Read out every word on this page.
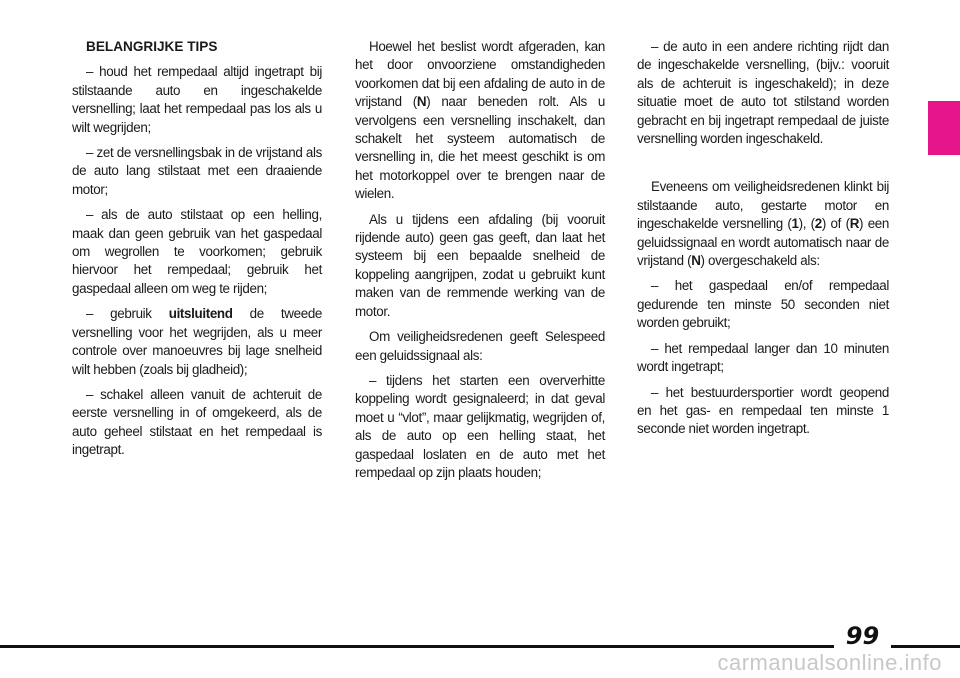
BELANGRIJKE TIPS

– houd het rempedaal altijd ingetrapt bij stilstaande auto en ingeschakelde versnelling; laat het rempedaal pas los als u wilt wegrijden;

– zet de versnellingsbak in de vrijstand als de auto lang stilstaat met een draaiende motor;

– als de auto stilstaat op een helling, maak dan geen gebruik van het gaspedaal om wegrollen te voorkomen; gebruik hiervoor het rempedaal; gebruik het gaspedaal alleen om weg te rijden;

– gebruik uitsluitend de tweede versnelling voor het wegrijden, als u meer controle over manoeuvres bij lage snelheid wilt hebben (zoals bij gladheid);

– schakel alleen vanuit de achteruit de eerste versnelling in of omgekeerd, als de auto geheel stilstaat en het rempedaal is ingetrapt.

Hoewel het beslist wordt afgeraden, kan het door onvoorziene omstandigheden voorkomen dat bij een afdaling de auto in de vrijstand (N) naar beneden rolt. Als u vervolgens een versnelling inschakelt, dan schakelt het systeem automatisch de versnelling in, die het meest geschikt is om het motorkoppel over te brengen naar de wielen.

Als u tijdens een afdaling (bij vooruit rijdende auto) geen gas geeft, dan laat het systeem bij een bepaalde snelheid de koppeling aangrijpen, zodat u gebruikt kunt maken van de remmende werking van de motor.

Om veiligheidsredenen geeft Selespeed een geluidssignaal als:

– tijdens het starten een oververhitte koppeling wordt gesignaleerd; in dat geval moet u “vlot”, maar gelijkmatig, wegrijden of, als de auto op een helling staat, het gaspedaal loslaten en de auto met het rempedaal op zijn plaats houden;

– de auto in een andere richting rijdt dan de ingeschakelde versnelling, (bijv.: vooruit als de achteruit is ingeschakeld); in deze situatie moet de auto tot stilstand worden gebracht en bij ingetrapt rempedaal de juiste versnelling worden ingeschakeld.

Eveneens om veiligheidsredenen klinkt bij stilstaande auto, gestarte motor en ingeschakelde versnelling (1), (2) of (R) een geluidssignaal en wordt automatisch naar de vrijstand (N) overgeschakeld als:

– het gaspedaal en/of rempedaal gedurende ten minste 50 seconden niet worden gebruikt;

– het rempedaal langer dan 10 minuten wordt ingetrapt;

– het bestuurdersportier wordt geopend en het gas- en rempedaal ten minste 1 seconde niet worden ingetrapt.

99
carmanualsonline.info
